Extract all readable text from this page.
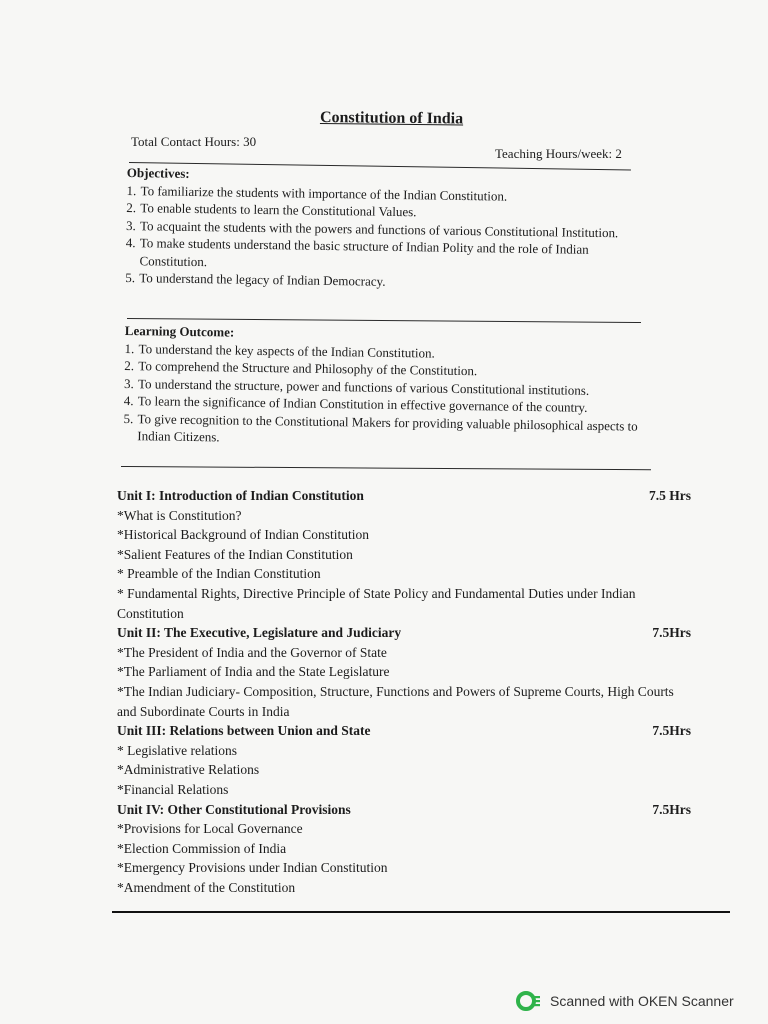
Constitution of India
Total Contact Hours: 30
Teaching Hours/week: 2
Objectives:
1. To familiarize the students with importance of the Indian Constitution.
2. To enable students to learn the Constitutional Values.
3. To acquaint the students with the powers and functions of various Constitutional Institution.
4. To make students understand the basic structure of Indian Polity and the role of Indian Constitution.
5. To understand the legacy of Indian Democracy.
Learning Outcome:
1. To understand the key aspects of the Indian Constitution.
2. To comprehend the Structure and Philosophy of the Constitution.
3. To understand the structure, power and functions of various Constitutional institutions.
4. To learn the significance of Indian Constitution in effective governance of the country.
5. To give recognition to the Constitutional Makers for providing valuable philosophical aspects to Indian Citizens.
Unit I: Introduction of Indian Constitution	7.5 Hrs
*What is Constitution?
*Historical Background of Indian Constitution
*Salient Features of the Indian Constitution
* Preamble of the Indian Constitution
* Fundamental Rights, Directive Principle of State Policy and Fundamental Duties under Indian Constitution
Unit II: The Executive, Legislature and Judiciary	7.5Hrs
*The President of India and the Governor of State
*The Parliament of India and the State Legislature
*The Indian Judiciary- Composition, Structure, Functions and Powers of Supreme Courts, High Courts and Subordinate Courts in India
Unit III: Relations between Union and State	7.5Hrs
* Legislative relations
*Administrative Relations
*Financial Relations
Unit IV: Other Constitutional Provisions	7.5Hrs
*Provisions for Local Governance
*Election Commission of India
*Emergency Provisions under Indian Constitution
*Amendment of the Constitution
Scanned with OKEN Scanner
